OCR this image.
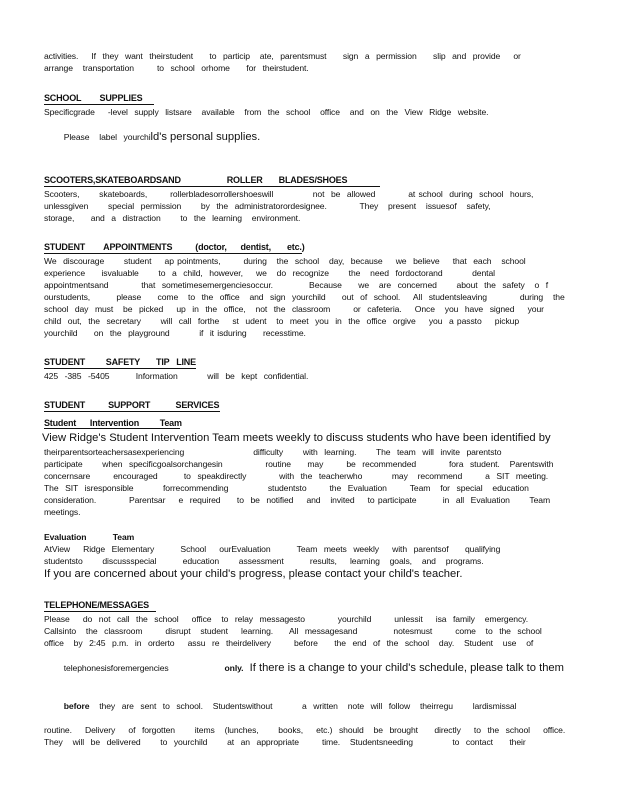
activities.    If  they  want  theirstudent     to  particip   ate,  parentsmust     sign  a  permission     slip  and  provide    or
arrange   transportation       to  school  orhome     for  theirstudent.
SCHOOL        SUPPLIES
Specificgrade    -level  supply  listsare   available   from  the  school   office   and  on  the  View  Ridge  website.

Please   label  yourchild's personal supplies.

SCOOTERS,SKATEBOARDSAND                    ROLLER       BLADES/SHOES
Scooters,      skateboards,       rollerbladesorrollershoeswill            not  be  allowed          at school  during  school  hours,
unlessgiven      special  permission      by  the  administratorordesignee.          They   present   issuesof   safety,
storage,     and  a  distraction      to  the  learning   environment.
STUDENT        APPOINTMENTS          (doctor,      dentist,       etc.)
We  discourage      student    ap pointments,       during   the  school   day,  because    we  believe    that  each   school
experience     isvaluable      to  a  child,  however,    we   do  recognize      the   need  fordoctorand         dental
appointmentsand          that  sometimesemergenciesoccur.           Because     we   are  concerned      about  the  safety   o  f
ourstudents,        please     come   to  the  office   and  sign  yourchild     out  of  school.    All  studentsleaving          during   the
school  day  must   be  picked    up  in  the  office,   not  the  classroom       or  cafeteria.    Once   you  have  signed    your
child  out,  the  secretary      will  call  forthe    st  udent   to  meet  you  in  the  office  orgive    you  a passto    pickup
yourchild     on  the  playground         if  it isduring     recesstime.
STUDENT         SAFETY       TIP   LINE
425  -385  -5405        Information         will  be  kept  confidential.
STUDENT          SUPPORT           SERVICES
Student      Intervention         Team
View Ridge's Student Intervention Team meets weekly to discuss students who have been identified by
theirparentsorteachersasexperiencing                     difficulty      with  learning.      The  team  will  invite  parentsto
participate      when  specificgoalsorchangesin             routine     may       be  recommended          fora  student.   Parentswith
concernsare       encouraged        to  speakdirectly          with  the  teacherwho         may   recommend       a  SIT  meeting.
The  SIT  isresponsible         forrecommending            studentsto       the  Evaluation       Team   for  special   education
consideration.          Parentsar    e  required     to  be  notified    and   invited    to participate        in  all  Evaluation      Team
meetings.
Evaluation        Team
AtView    Ridge  Elementary        School    ourEvaluation        Team  meets  weekly    with  parentsof     qualifying
studentsto      discussspecial        education      assessment        results,    learning   goals,   and   programs.
If you are concerned about your child's progress, please contact your child's teacher.
TELEPHONE/MESSAGES
Please    do  not  call  the  school    office   to  relay  messagesto          yourchild       unlessit    isa  family   emergency.
Callsinto   the  classroom       disrupt   student    learning.     All  messagesand           notesmust       come   to  the  school
office   by  2:45  p.m.  in  orderto    assu  re  theirdelivery       before     the  end  of  the  school   day.   Student   use   of

telephonesisforemergencies                 only.  If there is a change to your child's schedule, please talk to them

before   they  are  sent  to  school.   Studentswithout         a  written   note  will  follow   theirregu      lardismissal

routine.    Delivery    of  forgotten      items   (lunches,      books,    etc.)  should   be  brought     directly    to  the  school    office.
They   will  be  delivered      to  yourchild      at  an  appropriate       time.   Studentsneeding            to  contact     their
